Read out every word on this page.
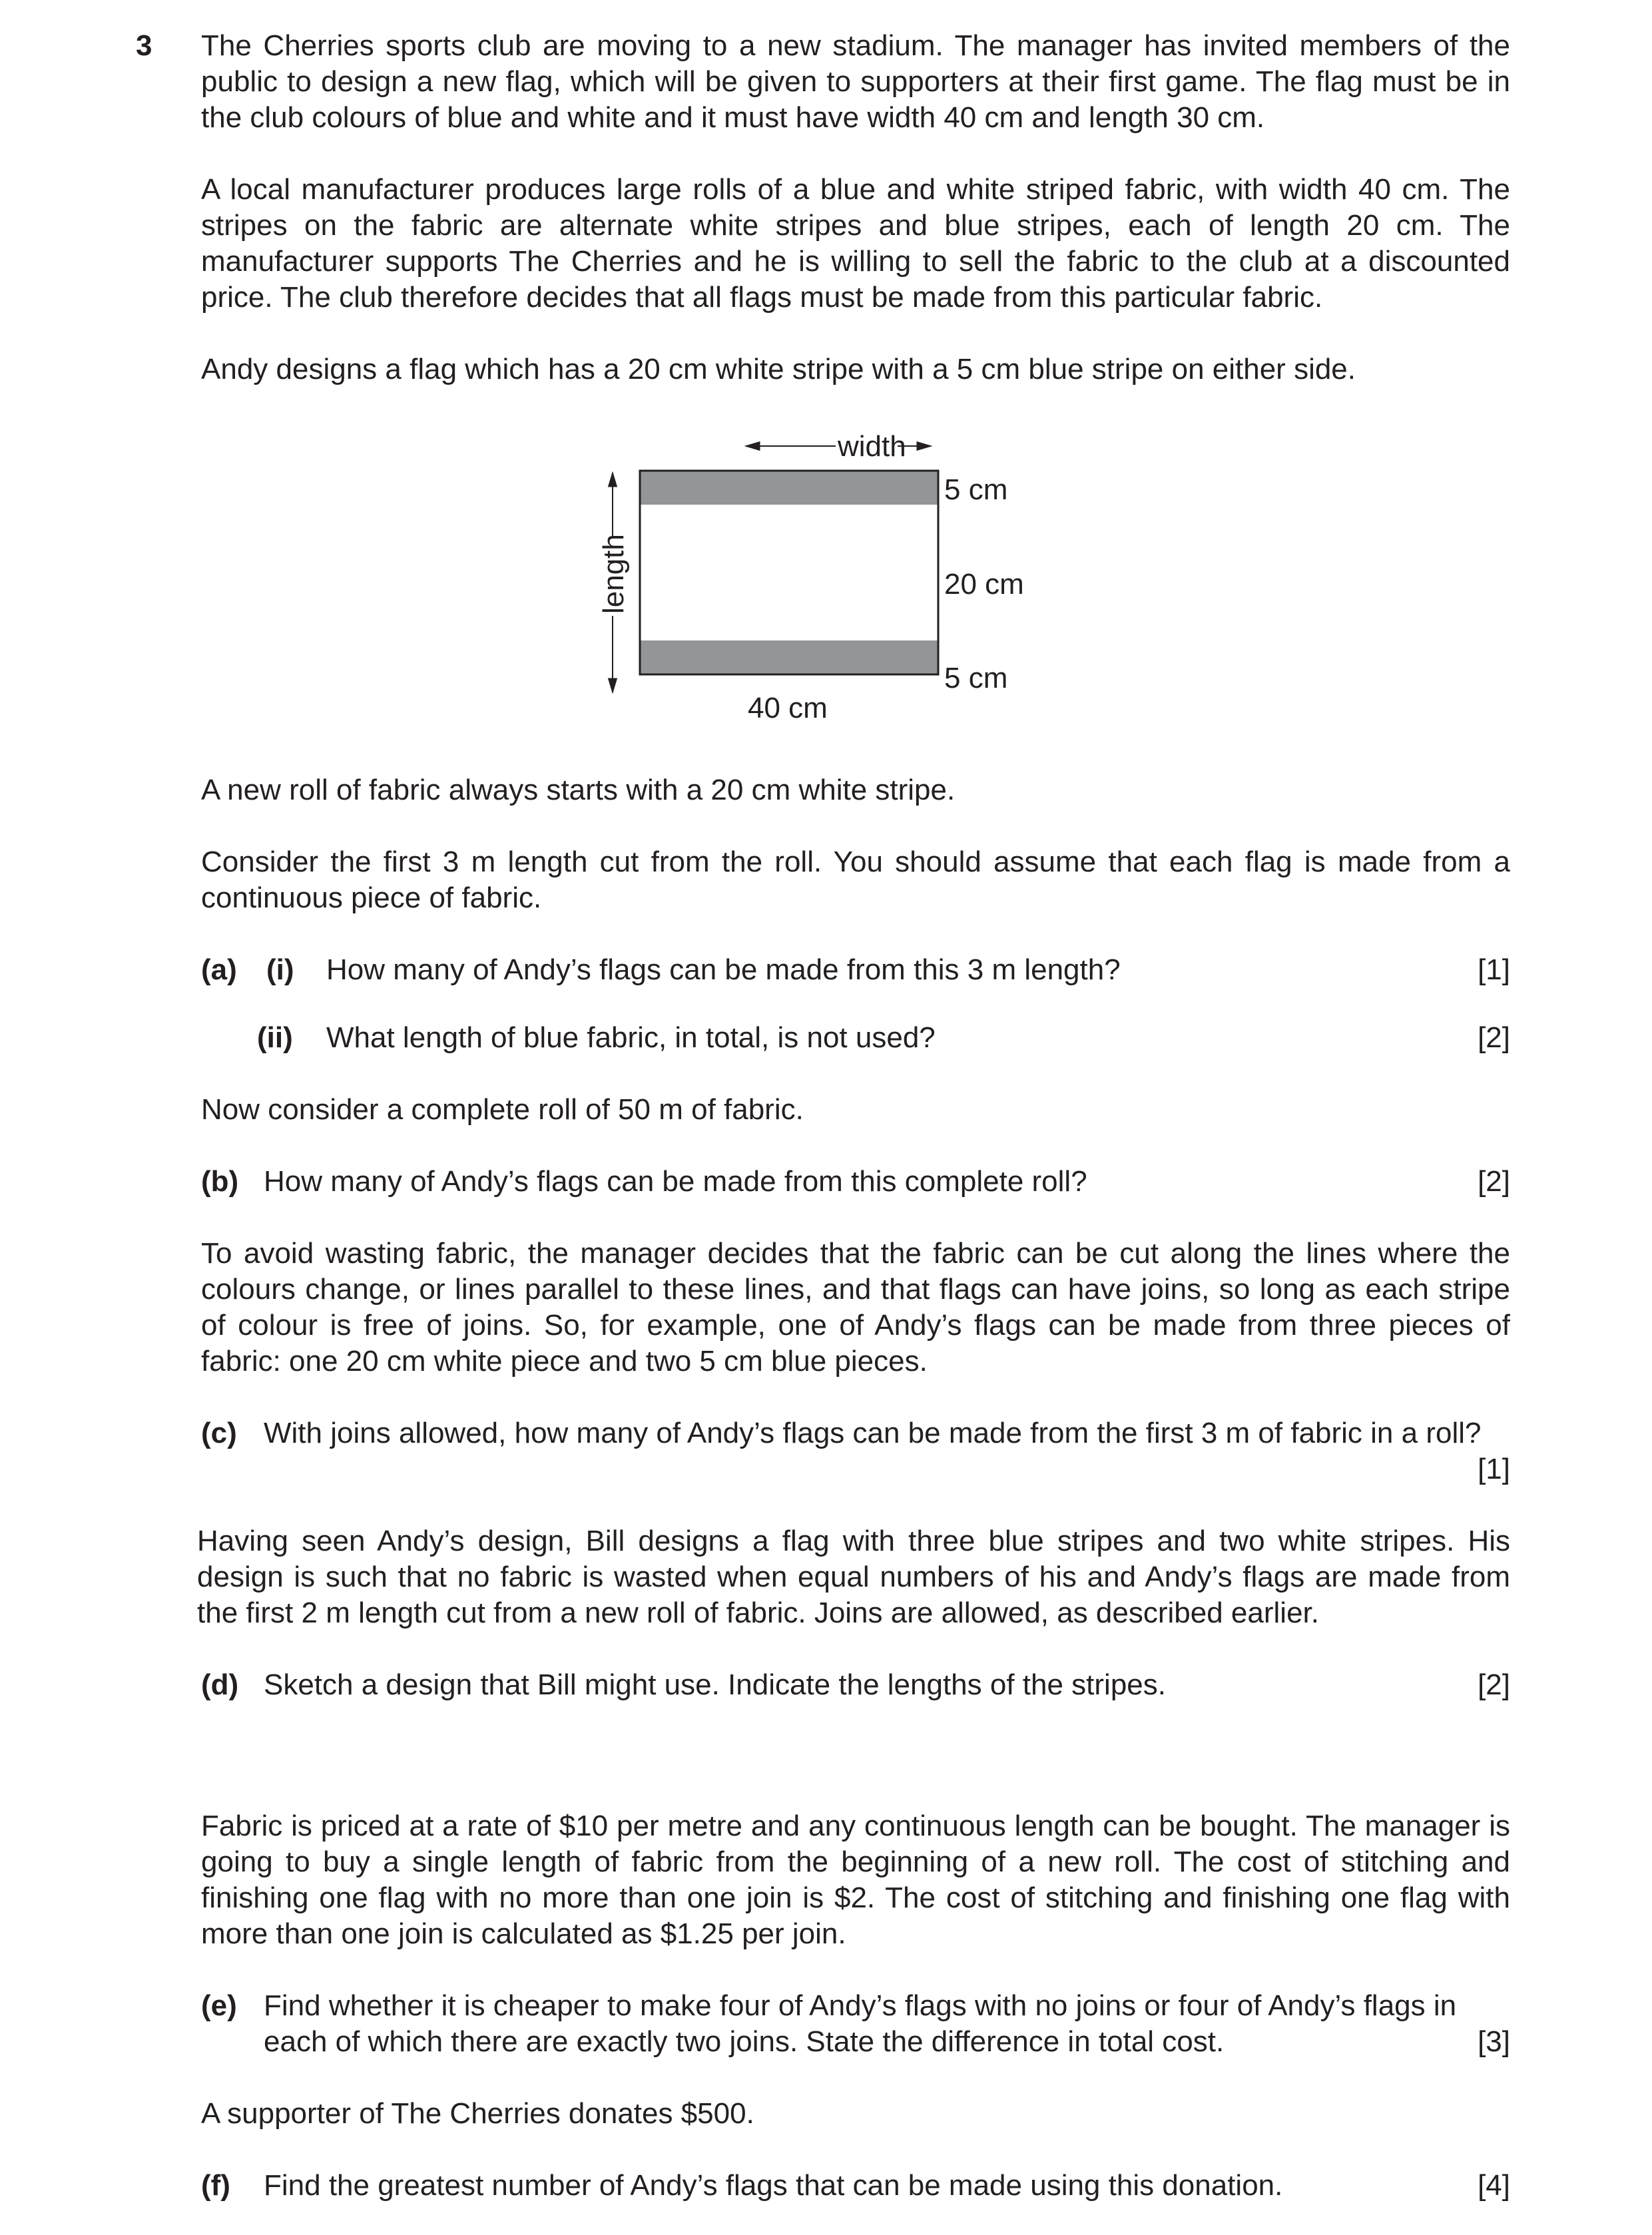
3 The Cherries sports club are moving to a new stadium. The manager has invited members of the public to design a new flag, which will be given to supporters at their first game. The flag must be in the club colours of blue and white and it must have width 40 cm and length 30 cm.

A local manufacturer produces large rolls of a blue and white striped fabric, with width 40 cm. The stripes on the fabric are alternate white stripes and blue stripes, each of length 20 cm. The manufacturer supports The Cherries and he is willing to sell the fabric to the club at a discounted price. The club therefore decides that all flags must be made from this particular fabric.

Andy designs a flag which has a 20 cm white stripe with a 5 cm blue stripe on either side.
width
length
5 cm
20 cm
5 cm
40 cm
A new roll of fabric always starts with a 20 cm white stripe.

Consider the first 3 m length cut from the roll. You should assume that each flag is made from a continuous piece of fabric.

(a) (i) How many of Andy’s flags can be made from this 3 m length?	[1]
(ii) What length of blue fabric, in total, is not used?	[2]
Now consider a complete roll of 50 m of fabric.
(b) How many of Andy’s flags can be made from this complete roll?	[2]

To avoid wasting fabric, the manager decides that the fabric can be cut along the lines where the colours change, or lines parallel to these lines, and that flags can have joins, so long as each stripe of colour is free of joins. So, for example, one of Andy’s flags can be made from three pieces of fabric: one 20 cm white piece and two 5 cm blue pieces.

(c) With joins allowed, how many of Andy’s flags can be made from the first 3 m of fabric in a roll?
[1]

Having seen Andy’s design, Bill designs a flag with three blue stripes and two white stripes. His design is such that no fabric is wasted when equal numbers of his and Andy’s flags are made from the first 2 m length cut from a new roll of fabric. Joins are allowed, as described earlier.

(d) Sketch a design that Bill might use. Indicate the lengths of the stripes.	[2]

Fabric is priced at a rate of $10 per metre and any continuous length can be bought. The manager is going to buy a single length of fabric from the beginning of a new roll. The cost of stitching and finishing one flag with no more than one join is $2. The cost of stitching and finishing one flag with more than one join is calculated as $1.25 per join.

(e) Find whether it is cheaper to make four of Andy’s flags with no joins or four of Andy’s flags in
each of which there are exactly two joins. State the difference in total cost.	[3]
A supporter of The Cherries donates $500.
(f) Find the greatest number of Andy’s flags that can be made using this donation.	[4]
